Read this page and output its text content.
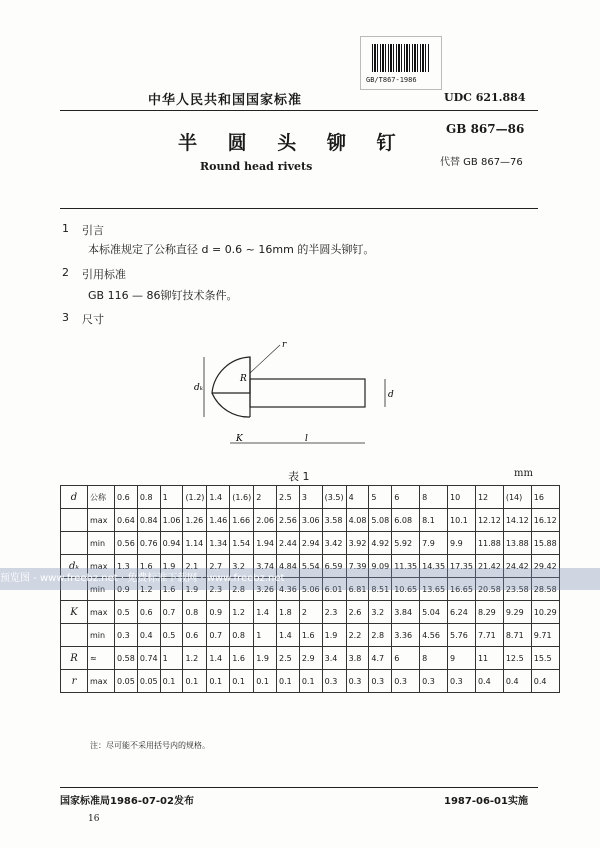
GB/T867-1986
中华人民共和国国家标准	UDC 621.884
GB 867—86
半 圆 头 铆 钉
Round head rivets	代替 GB 867—76
1 引言
本标准规定了公称直径 d = 0.6 ~ 16mm 的半圆头铆钉。
2 引用标准
GB 116 — 86铆钉技术条件。
3 尺寸
r
R
dₖ
d
K	l
表 1	mm
d	公称	0.6	0.8	1	(1.2)	1.4	(1.6)	2	2.5	3	(3.5)	4	5	6	8	10	12	(14)	16
	max	0.64	0.84	1.06	1.26	1.46	1.66	2.06	2.56	3.06	3.58	4.08	5.08	6.08	8.1	10.1	12.12	14.12	16.12
	min	0.56	0.76	0.94	1.14	1.34	1.54	1.94	2.44	2.94	3.42	3.92	4.92	5.92	7.9	9.9	11.88	13.88	15.88
dₖ	max	1.3	1.6	1.9	2.1	2.7	3.2	3.74	4.84	5.54	6.59	7.39	9.09	11.35	14.35	17.35	21.42	24.42	29.42
	min	0.9	1.2	1.6	1.9	2.3	2.8	3.26	4.36	5.06	6.01	6.81	8.51	10.65	13.65	16.65	20.58	23.58	28.58
K	max	0.5	0.6	0.7	0.8	0.9	1.2	1.4	1.8	2	2.3	2.6	3.2	3.84	5.04	6.24	8.29	9.29	10.29
	min	0.3	0.4	0.5	0.6	0.7	0.8	1	1.4	1.6	1.9	2.2	2.8	3.36	4.56	5.76	7.71	8.71	9.71
R	≈	0.58	0.74	1	1.2	1.4	1.6	1.9	2.5	2.9	3.4	3.8	4.7	6	8	9	11	12.5	15.5
r	max	0.05	0.05	0.1	0.1	0.1	0.1	0.1	0.1	0.1	0.3	0.3	0.3	0.3	0.3	0.3	0.4	0.4	0.4
预览图 - www.freebz.net · 免费标准下载网 · www.freebz.net
注：尽可能不采用括号内的规格。
国家标准局1986-07-02发布	1987-06-01实施
16
